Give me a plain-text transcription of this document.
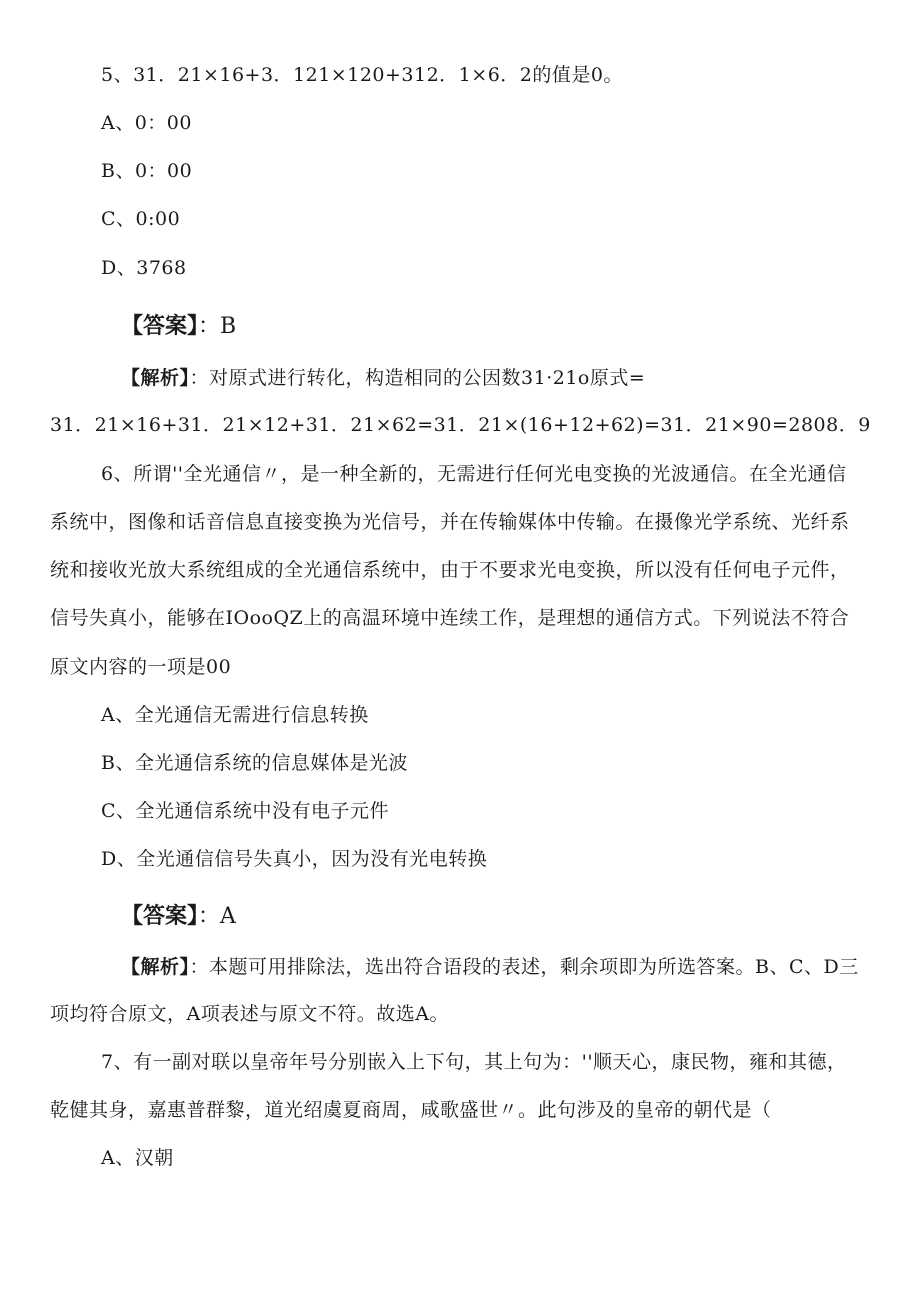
5、31．21×16+3．121×120+312．1×6．2的值是0。
A、0：00
B、0：00
C、0:00
D、3768
【答案】：B
【解析】：对原式进行转化，构造相同的公因数31·21o原式=
31．21×16+31．21×12+31．21×62=31．21×(16+12+62)=31．21×90=2808．9
6、所谓''全光通信〃，是一种全新的，无需进行任何光电变换的光波通信。在全光通信
系统中，图像和话音信息直接变换为光信号，并在传输媒体中传输。在摄像光学系统、光纤系
统和接收光放大系统组成的全光通信系统中，由于不要求光电变换，所以没有任何电子元件，
信号失真小，能够在IOooQZ上的高温环境中连续工作，是理想的通信方式。下列说法不符合
原文内容的一项是00
A、全光通信无需进行信息转换
B、全光通信系统的信息媒体是光波
C、全光通信系统中没有电子元件
D、全光通信信号失真小，因为没有光电转换
【答案】：A
【解析】：本题可用排除法，选出符合语段的表述，剩余项即为所选答案。B、C、D三
项均符合原文，A项表述与原文不符。故选A。
7、有一副对联以皇帝年号分别嵌入上下句，其上句为：''顺天心，康民物，雍和其德，
乾健其身，嘉惠普群黎，道光绍虞夏商周，咸歌盛世〃。此句涉及的皇帝的朝代是（
A、汉朝
